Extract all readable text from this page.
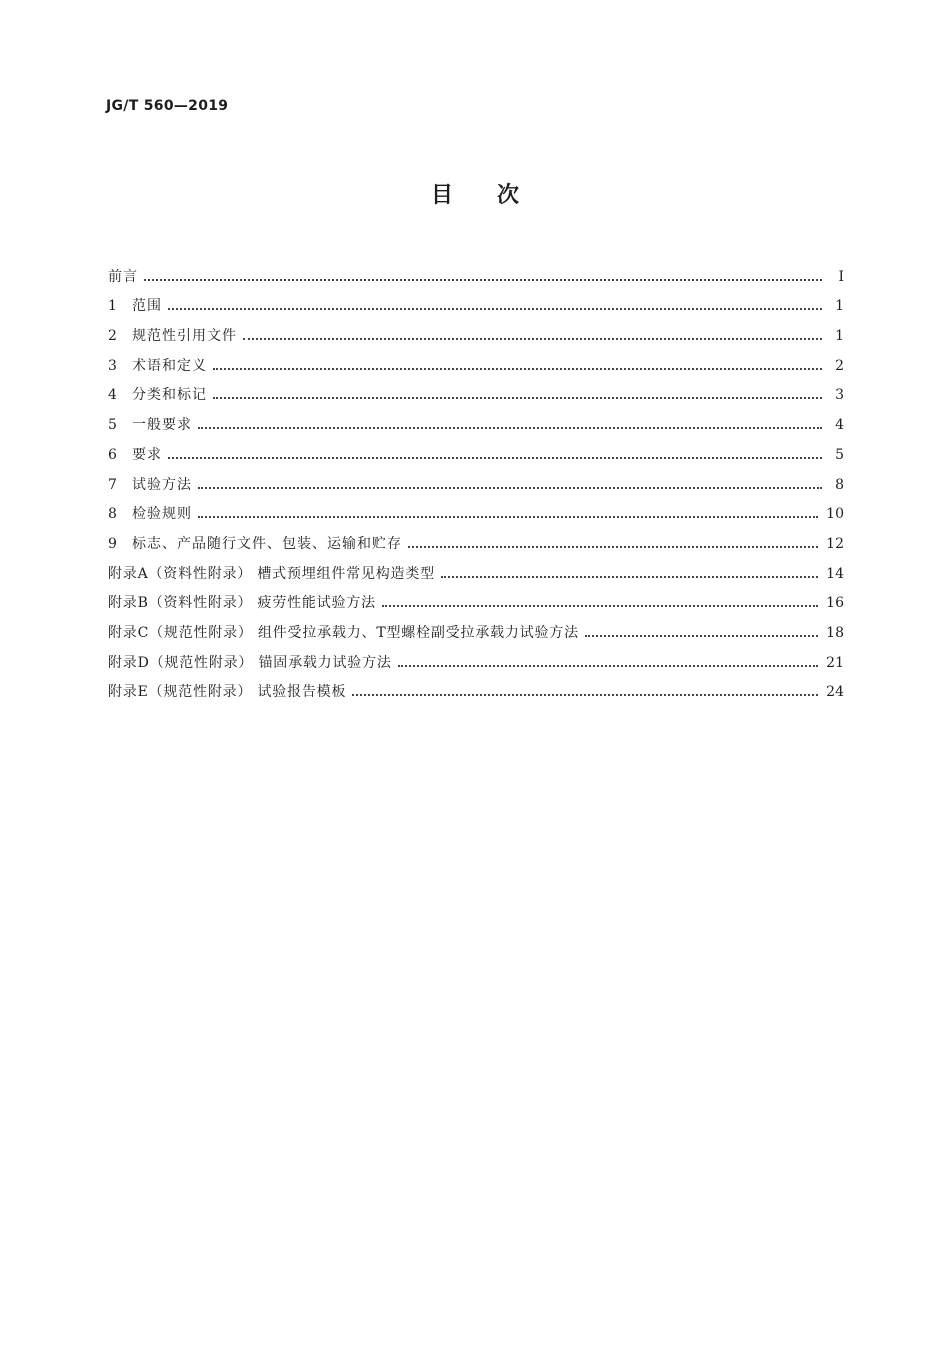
JG/T 560—2019
目次
前言	Ⅰ
1	范围	1
2	规范性引用文件	1
3	术语和定义	2
4	分类和标记	3
5	一般要求	4
6	要求	5
7	试验方法	8
8	检验规则	10
9	标志、产品随行文件、包装、运输和贮存	12
附录A（资料性附录） 槽式预埋组件常见构造类型	14
附录B（资料性附录） 疲劳性能试验方法	16
附录C（规范性附录） 组件受拉承载力、T型螺栓副受拉承载力试验方法	18
附录D（规范性附录） 锚固承载力试验方法	21
附录E（规范性附录） 试验报告模板	24
